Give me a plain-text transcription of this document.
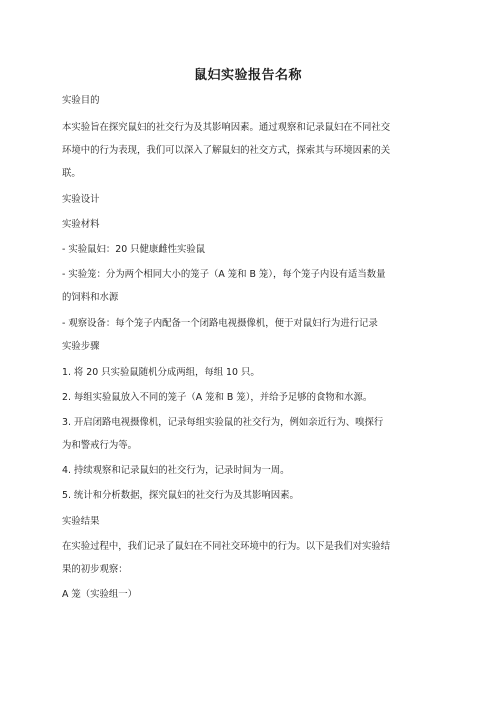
鼠妇实验报告名称
实验目的
本实验旨在探究鼠妇的社交行为及其影响因素。通过观察和记录鼠妇在不同社交
环境中的行为表现，我们可以深入了解鼠妇的社交方式，探索其与环境因素的关
联。
实验设计
实验材料
- 实验鼠妇：20 只健康雌性实验鼠
- 实验笼：分为两个相同大小的笼子（A 笼和 B 笼），每个笼子内设有适当数量
的饲料和水源
- 观察设备：每个笼子内配备一个闭路电视摄像机，便于对鼠妇行为进行记录
实验步骤
1. 将 20 只实验鼠随机分成两组，每组 10 只。
2. 每组实验鼠放入不同的笼子（A 笼和 B 笼），并给予足够的食物和水源。
3. 开启闭路电视摄像机，记录每组实验鼠的社交行为，例如亲近行为、嗅探行
为和警戒行为等。
4. 持续观察和记录鼠妇的社交行为，记录时间为一周。
5. 统计和分析数据，探究鼠妇的社交行为及其影响因素。
实验结果
在实验过程中，我们记录了鼠妇在不同社交环境中的行为。以下是我们对实验结
果的初步观察：
A 笼（实验组一）
